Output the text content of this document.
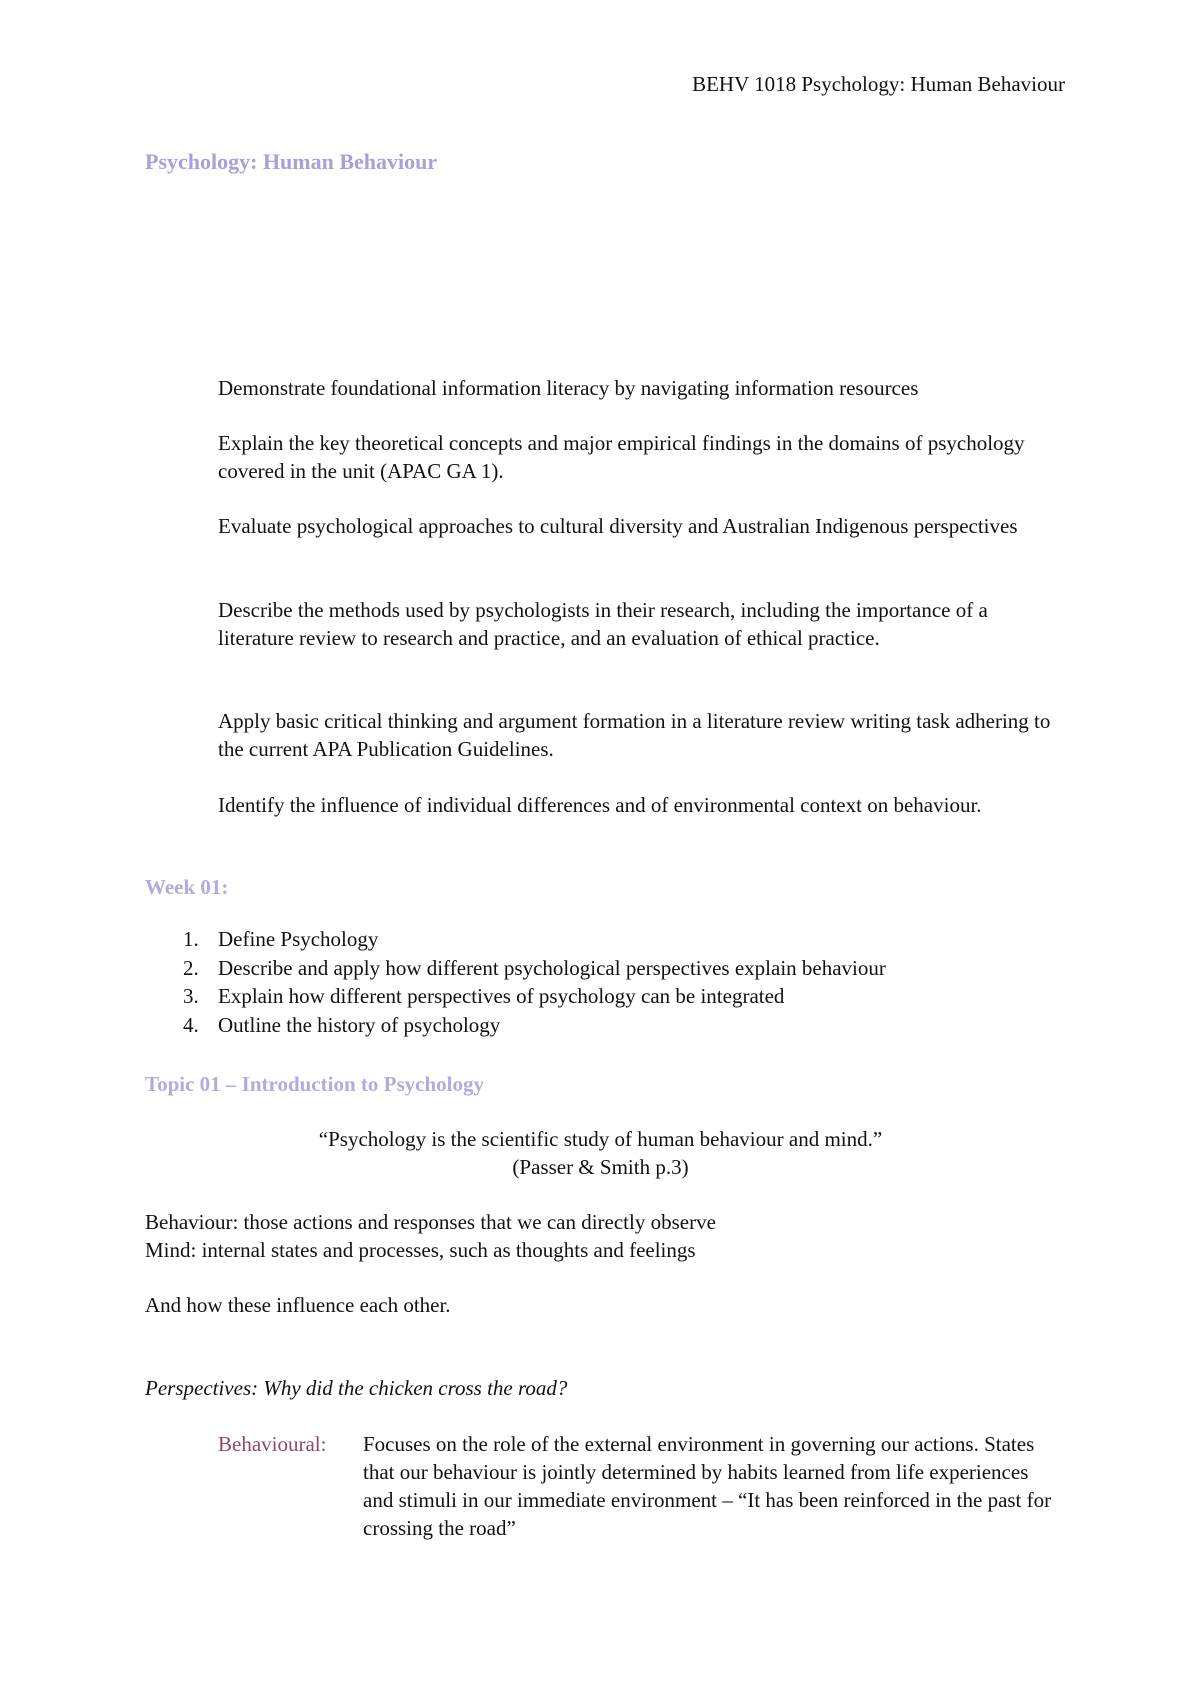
BEHV 1018 Psychology: Human Behaviour

Psychology: Human Behaviour

Demonstrate foundational information literacy by navigating information resources

Explain the key theoretical concepts and major empirical findings in the domains of psychology covered in the unit (APAC GA 1).

Evaluate psychological approaches to cultural diversity and Australian Indigenous perspectives

Describe the methods used by psychologists in their research, including the importance of a literature review to research and practice, and an evaluation of ethical practice.

Apply basic critical thinking and argument formation in a literature review writing task adhering to the current APA Publication Guidelines.

Identify the influence of individual differences and of environmental context on behaviour.

Week 01:
1. Define Psychology
2. Describe and apply how different psychological perspectives explain behaviour
3. Explain how different perspectives of psychology can be integrated
4. Outline the history of psychology
Topic 01 – Introduction to Psychology

“Psychology is the scientific study of human behaviour and mind.”

(Passer & Smith p.3)

Behaviour: those actions and responses that we can directly observe

Mind: internal states and processes, such as thoughts and feelings

And how these influence each other.

Perspectives: Why did the chicken cross the road?

Behavioural:	Focuses on the role of the external environment in governing our actions. States that our behaviour is jointly determined by habits learned from life experiences and stimuli in our immediate environment – “It has been reinforced in the past for crossing the road”
